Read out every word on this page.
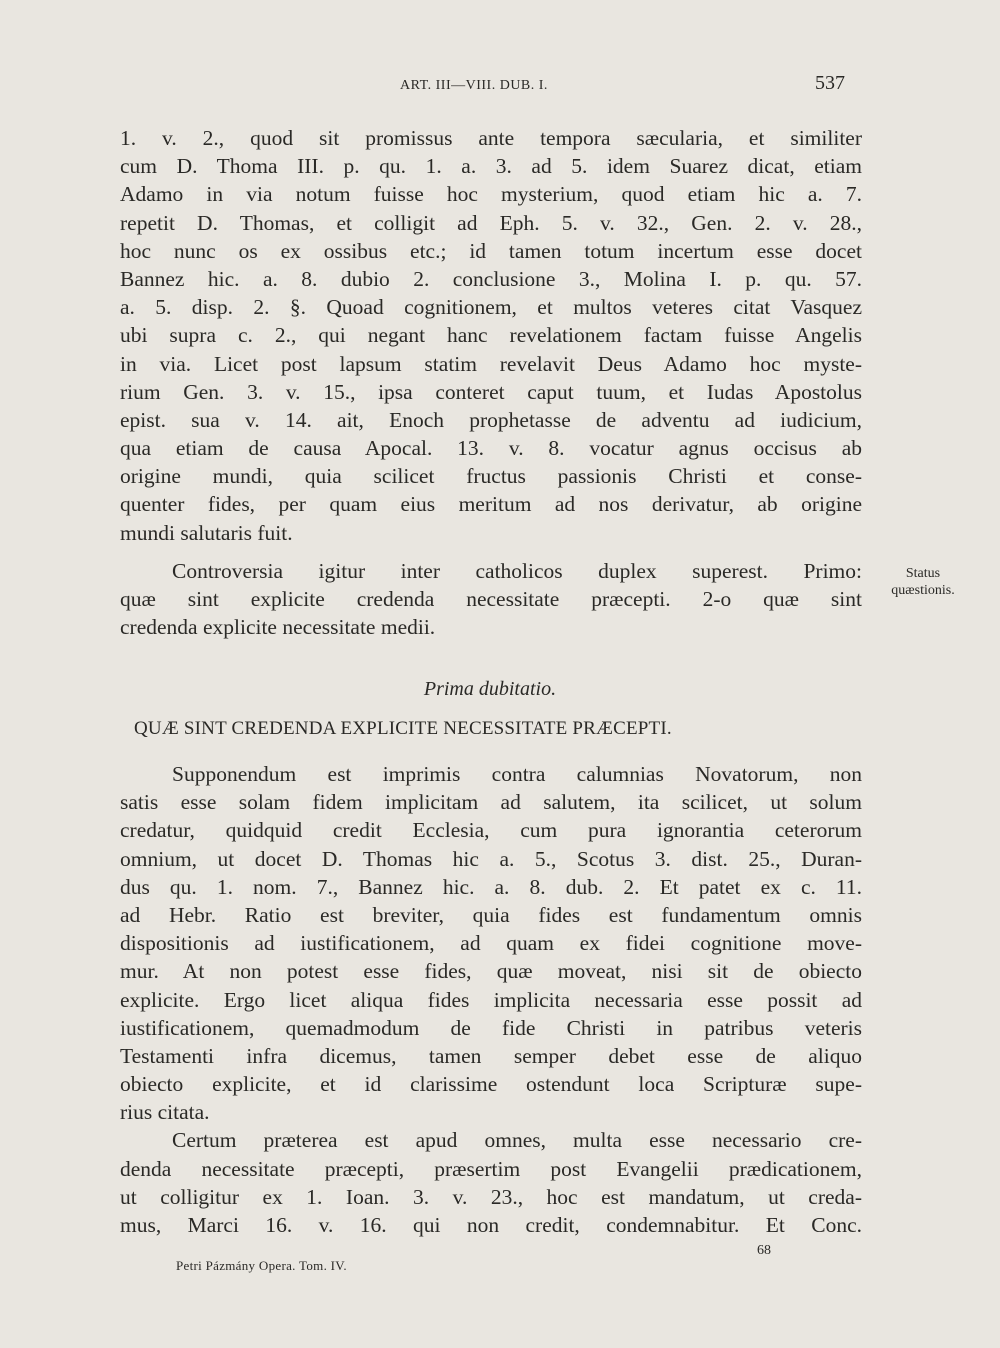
ART. III—VIII. DUB. I.	537
1. v. 2., quod sit promissus ante tempora sæcularia, et similiter
cum D. Thoma III. p. qu. 1. a. 3. ad 5. idem Suarez dicat, etiam
Adamo in via notum fuisse hoc mysterium, quod etiam hic a. 7.
repetit D. Thomas, et colligit ad Eph. 5. v. 32., Gen. 2. v. 28.,
hoc nunc os ex ossibus etc.; id tamen totum incertum esse docet
Bannez hic. a. 8. dubio 2. conclusione 3., Molina I. p. qu. 57.
a. 5. disp. 2. §. Quoad cognitionem, et multos veteres citat Vasquez
ubi supra c. 2., qui negant hanc revelationem factam fuisse Angelis
in via. Licet post lapsum statim revelavit Deus Adamo hoc myste-
rium Gen. 3. v. 15., ipsa conteret caput tuum, et Iudas Apostolus
epist. sua v. 14. ait, Enoch prophetasse de adventu ad iudicium,
qua etiam de causa Apocal. 13. v. 8. vocatur agnus occisus ab
origine mundi, quia scilicet fructus passionis Christi et conse-
quenter fides, per quam eius meritum ad nos derivatur, ab origine
mundi salutaris fuit.
Controversia igitur inter catholicos duplex superest. Primo:
quæ sint explicite credenda necessitate præcepti. 2-o quæ sint
credenda explicite necessitate medii.
Status
quæstionis.
Prima dubitatio.
QUÆ SINT CREDENDA EXPLICITE NECESSITATE PRÆCEPTI.
Supponendum est imprimis contra calumnias Novatorum, non
satis esse solam fidem implicitam ad salutem, ita scilicet, ut solum
credatur, quidquid credit Ecclesia, cum pura ignorantia ceterorum
omnium, ut docet D. Thomas hic a. 5., Scotus 3. dist. 25., Duran-
dus qu. 1. nom. 7., Bannez hic. a. 8. dub. 2. Et patet ex c. 11.
ad Hebr. Ratio est breviter, quia fides est fundamentum omnis
dispositionis ad iustificationem, ad quam ex fidei cognitione move-
mur. At non potest esse fides, quæ moveat, nisi sit de obiecto
explicite. Ergo licet aliqua fides implicita necessaria esse possit ad
iustificationem, quemadmodum de fide Christi in patribus veteris
Testamenti infra dicemus, tamen semper debet esse de aliquo
obiecto explicite, et id clarissime ostendunt loca Scripturæ supe-
rius citata.
Certum præterea est apud omnes, multa esse necessario cre-
denda necessitate præcepti, præsertim post Evangelii prædicationem,
ut colligitur ex 1. Ioan. 3. v. 23., hoc est mandatum, ut creda-
mus, Marci 16. v. 16. qui non credit, condemnabitur. Et Conc.
68
Petri Pázmány Opera. Tom. IV.
